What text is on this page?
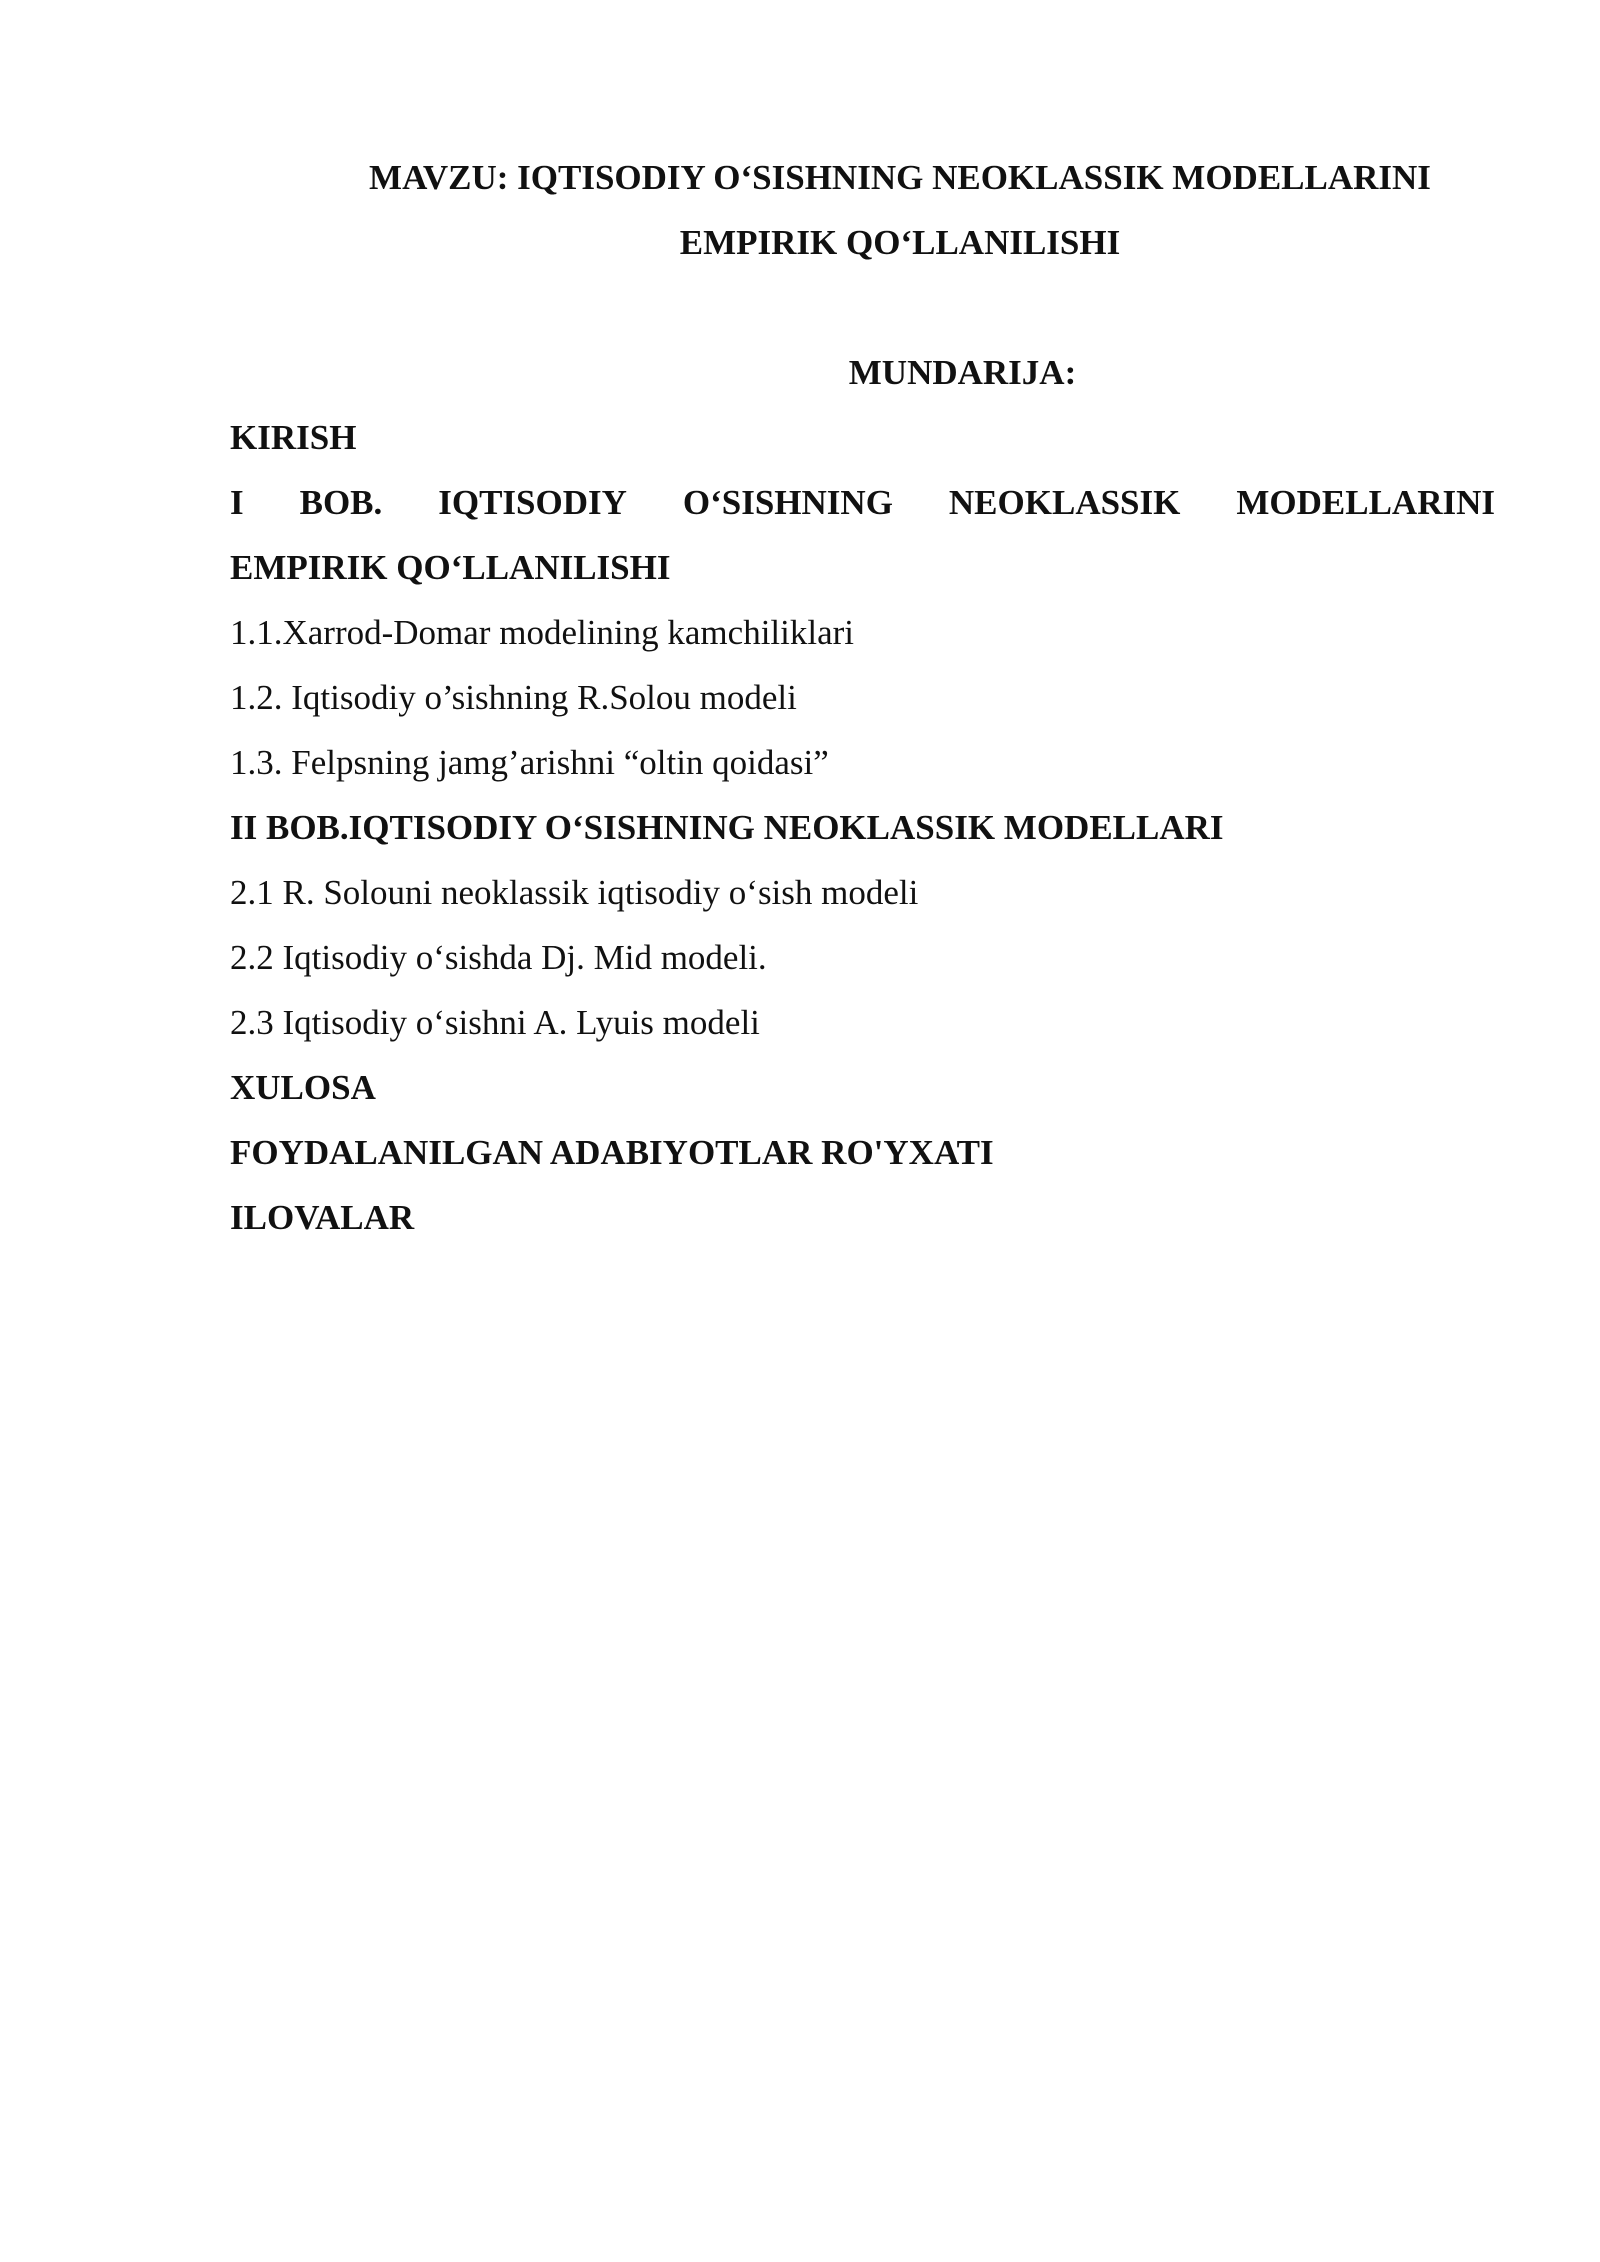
MAVZU: IQTISODIY O‘SISHNING NEOKLASSIK MODELLARINI
EMPIRIK QO‘LLANILISHI
MUNDARIJA:
KIRISH
I BOB. IQTISODIY O‘SISHNING NEOKLASSIK MODELLARINI
EMPIRIK QO‘LLANILISHI
1.1.Xarrod-Domar modelining kamchiliklari
1.2. Iqtisodiy o’sishning R.Solou modeli
1.3. Felpsning jamg’arishni “oltin qoidasi”
II BOB.IQTISODIY O‘SISHNING NEOKLASSIK MODELLARI
2.1 R. Solouni neoklassik iqtisodiy o‘sish modeli
2.2 Iqtisodiy o‘sishda Dj. Mid modeli.
2.3 Iqtisodiy o‘sishni A. Lyuis modeli
XULOSA
FOYDALANILGAN ADABIYOTLAR RO'YXATI
ILOVALAR
